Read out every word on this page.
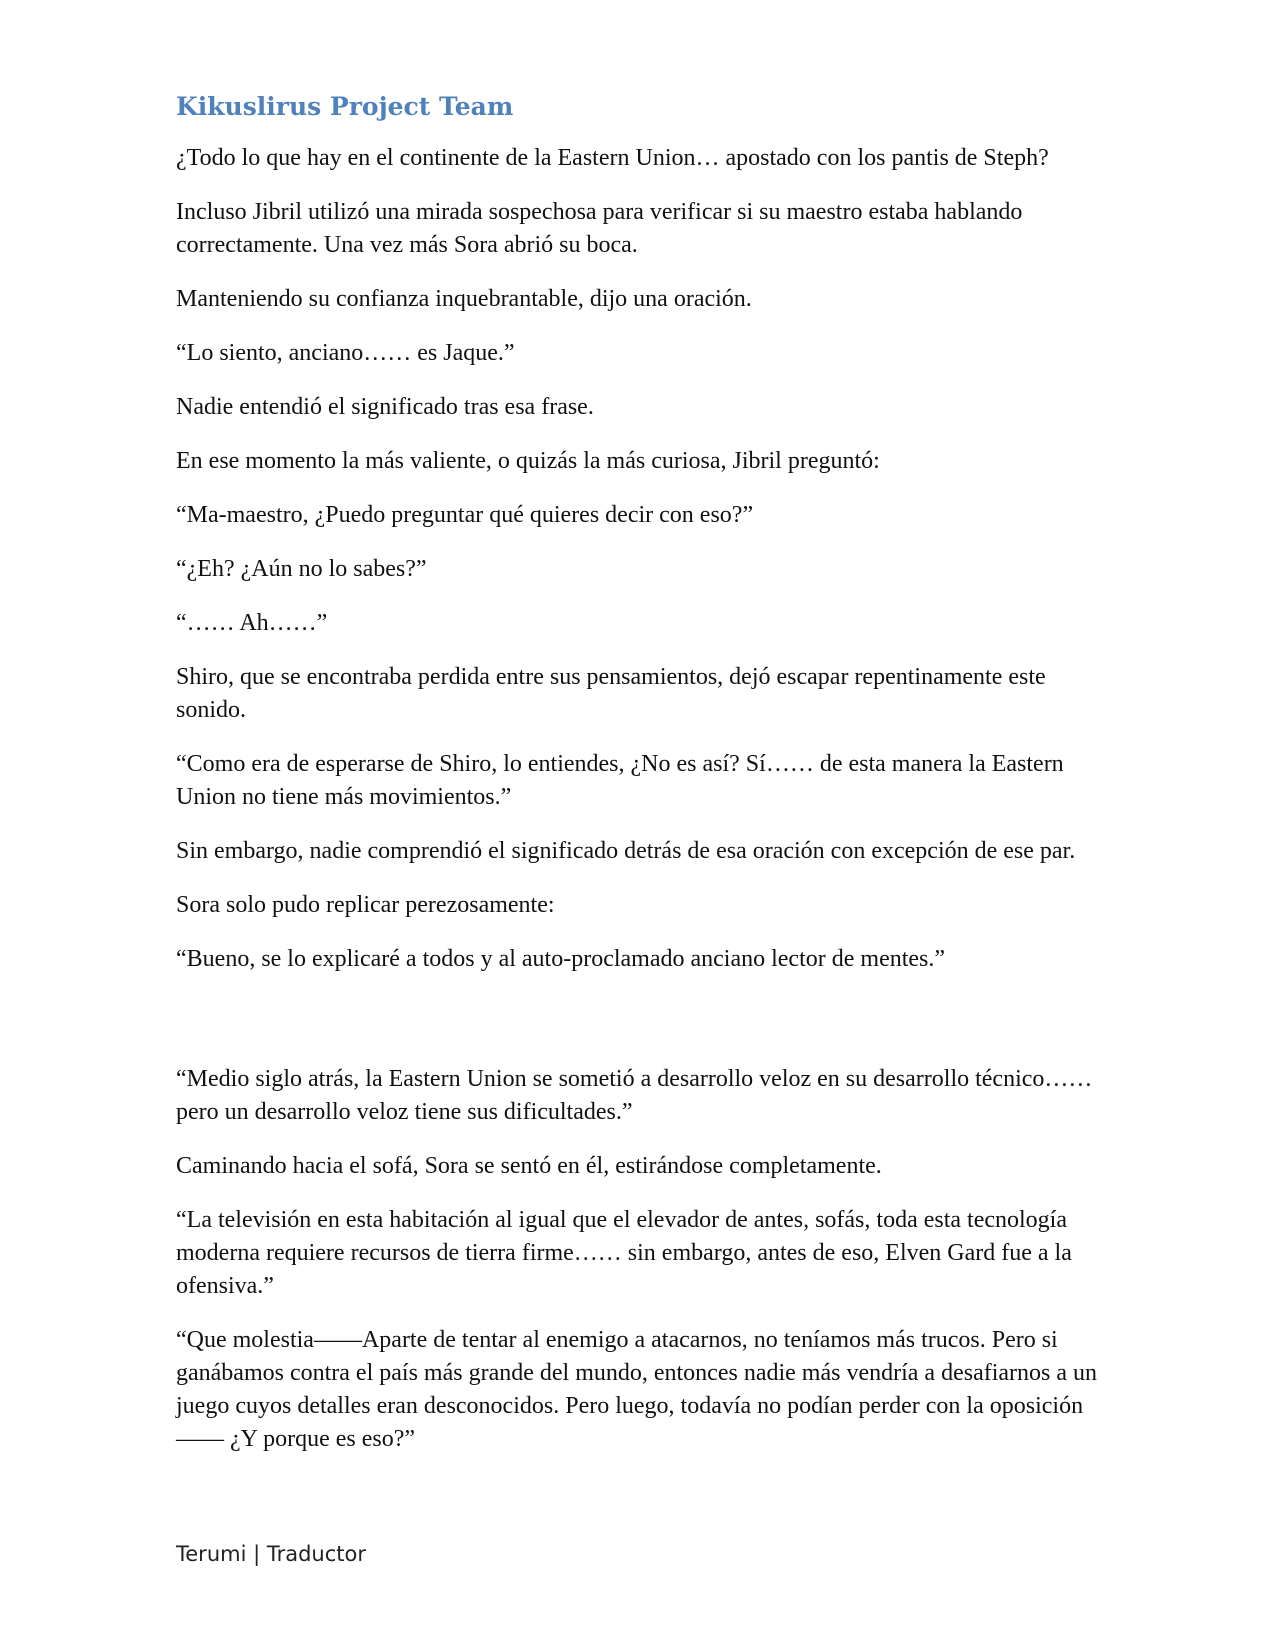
Kikuslirus Project Team

¿Todo lo que hay en el continente de la Eastern Union… apostado con los pantis de Steph?

Incluso Jibril utilizó una mirada sospechosa para verificar si su maestro estaba hablando correctamente. Una vez más Sora abrió su boca.

Manteniendo su confianza inquebrantable, dijo una oración.

“Lo siento, anciano…… es Jaque.”

Nadie entendió el significado tras esa frase.

En ese momento la más valiente, o quizás la más curiosa, Jibril preguntó:

“Ma-maestro, ¿Puedo preguntar qué quieres decir con eso?”

“¿Eh? ¿Aún no lo sabes?”

“…… Ah……”

Shiro, que se encontraba perdida entre sus pensamientos, dejó escapar repentinamente este sonido.

“Como era de esperarse de Shiro, lo entiendes, ¿No es así? Sí…… de esta manera la Eastern Union no tiene más movimientos.”

Sin embargo, nadie comprendió el significado detrás de esa oración con excepción de ese par.

Sora solo pudo replicar perezosamente:

“Bueno, se lo explicaré a todos y al auto-proclamado anciano lector de mentes.”

“Medio siglo atrás, la Eastern Union se sometió a desarrollo veloz en su desarrollo técnico…… pero un desarrollo veloz tiene sus dificultades.”

Caminando hacia el sofá, Sora se sentó en él, estirándose completamente.

“La televisión en esta habitación al igual que el elevador de antes, sofás, toda esta tecnología moderna requiere recursos de tierra firme…… sin embargo, antes de eso, Elven Gard fue a la ofensiva.”

“Que molestia——Aparte de tentar al enemigo a atacarnos, no teníamos más trucos. Pero si ganábamos contra el país más grande del mundo, entonces nadie más vendría a desafiarnos a un juego cuyos detalles eran desconocidos. Pero luego, todavía no podían perder con la oposición—— ¿Y porque es eso?”

Terumi | Traductor
